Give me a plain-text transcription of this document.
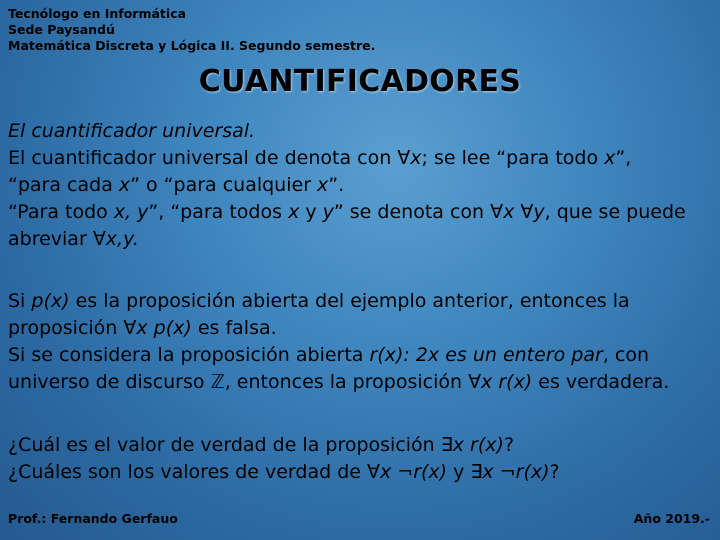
Tecnólogo en Informática
Sede Paysandú
Matemática Discreta y Lógica II. Segundo semestre.
CUANTIFICADORES

El cuantificador universal.

El cuantificador universal de denota con ∀x; se lee “para todo x”,

“para cada x” o “para cualquier x”.

“Para todo x, y”, “para todos x y y” se denota con ∀x ∀y, que se puede

abreviar ∀x,y.

Si p(x) es la proposición abierta del ejemplo anterior, entonces la

proposición ∀x p(x) es falsa.

Si se considera la proposición abierta r(x): 2x es un entero par, con

universo de discurso ℤ, entonces la proposición ∀x r(x) es verdadera.

¿Cuál es el valor de verdad de la proposición ∃x r(x)?

¿Cuáles son los valores de verdad de ∀x ¬r(x) y ∃x ¬r(x)?

Prof.: Fernando Gerfauo	Año 2019.-
